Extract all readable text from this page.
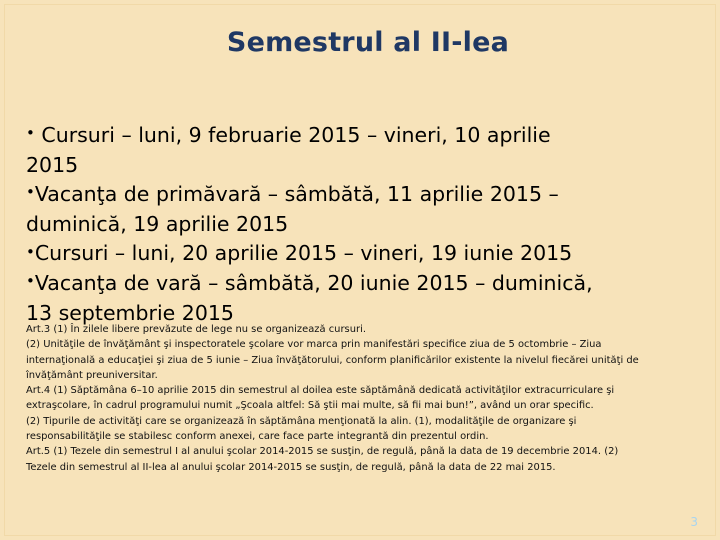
Semestrul al II-lea
• Cursuri – luni, 9 februarie 2015 – vineri, 10 aprilie
2015
•Vacanţa de primăvară – sâmbătă, 11 aprilie 2015 –
duminică, 19 aprilie 2015
•Cursuri – luni, 20 aprilie 2015 – vineri, 19 iunie 2015
•Vacanţa de vară – sâmbătă, 20 iunie 2015 – duminică,
13 septembrie 2015
Art.3 (1) În zilele libere prevăzute de lege nu se organizează cursuri.
(2) Unităţile de învăţământ şi inspectoratele şcolare vor marca prin manifestări specifice ziua de 5 octombrie – Ziua
internaţională a educaţiei şi ziua de 5 iunie – Ziua învăţătorului, conform planificărilor existente la nivelul fiecărei unităţi de
învăţământ preuniversitar.
Art.4 (1) Săptămâna 6–10 aprilie 2015 din semestrul al doilea este săptămână dedicată activităţilor extracurriculare şi
extraşcolare, în cadrul programului numit „Şcoala altfel: Să ştii mai multe, să fii mai bun!”, având un orar specific.
(2) Tipurile de activităţi care se organizează în săptămâna menţionată la alin. (1), modalităţile de organizare şi
responsabilităţile se stabilesc conform anexei, care face parte integrantă din prezentul ordin.
Art.5 (1) Tezele din semestrul I al anului şcolar 2014-2015 se susţin, de regulă, până la data de 19 decembrie 2014. (2)
Tezele din semestrul al II-lea al anului şcolar 2014-2015 se susţin, de regulă, până la data de 22 mai 2015.
3
